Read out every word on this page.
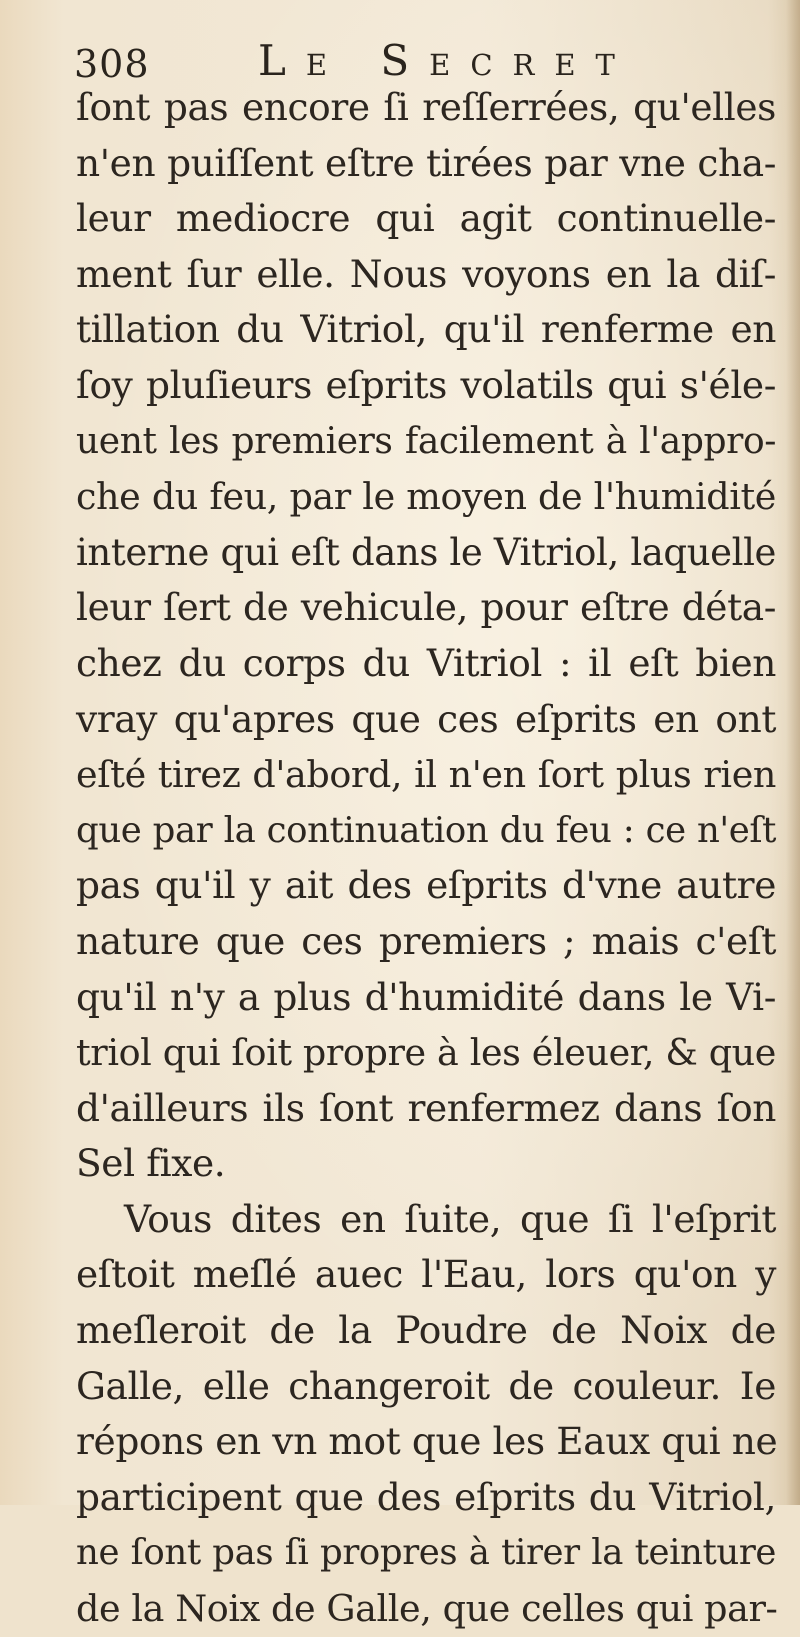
308	Le Secret
ſont pas encore ſi reſſerrées, qu'elles
n'en puiſſent eſtre tirées par vne cha-
leur mediocre qui agit continuelle-
ment ſur elle. Nous voyons en la diſ-
tillation du Vitriol, qu'il renferme en
ſoy pluſieurs eſprits volatils qui s'éle-
uent les premiers facilement à l'appro-
che du feu, par le moyen de l'humidité
interne qui eſt dans le Vitriol, laquelle
leur ſert de vehicule, pour eſtre déta-
chez du corps du Vitriol : il eſt bien
vray qu'apres que ces eſprits en ont
eſté tirez d'abord, il n'en ſort plus rien
que par la continuation du feu : ce n'eſt
pas qu'il y ait des eſprits d'vne autre
nature que ces premiers ; mais c'eſt
qu'il n'y a plus d'humidité dans le Vi-
triol qui ſoit propre à les éleuer, & que
d'ailleurs ils ſont renfermez dans ſon
Sel fixe.
Vous dites en ſuite, que ſi l'eſprit
eſtoit meſlé auec l'Eau, lors qu'on y
meſleroit de la Poudre de Noix de
Galle, elle changeroit de couleur. Ie
répons en vn mot que les Eaux qui ne
participent que des eſprits du Vitriol,
ne ſont pas ſi propres à tirer la teinture
de la Noix de Galle, que celles qui par-
